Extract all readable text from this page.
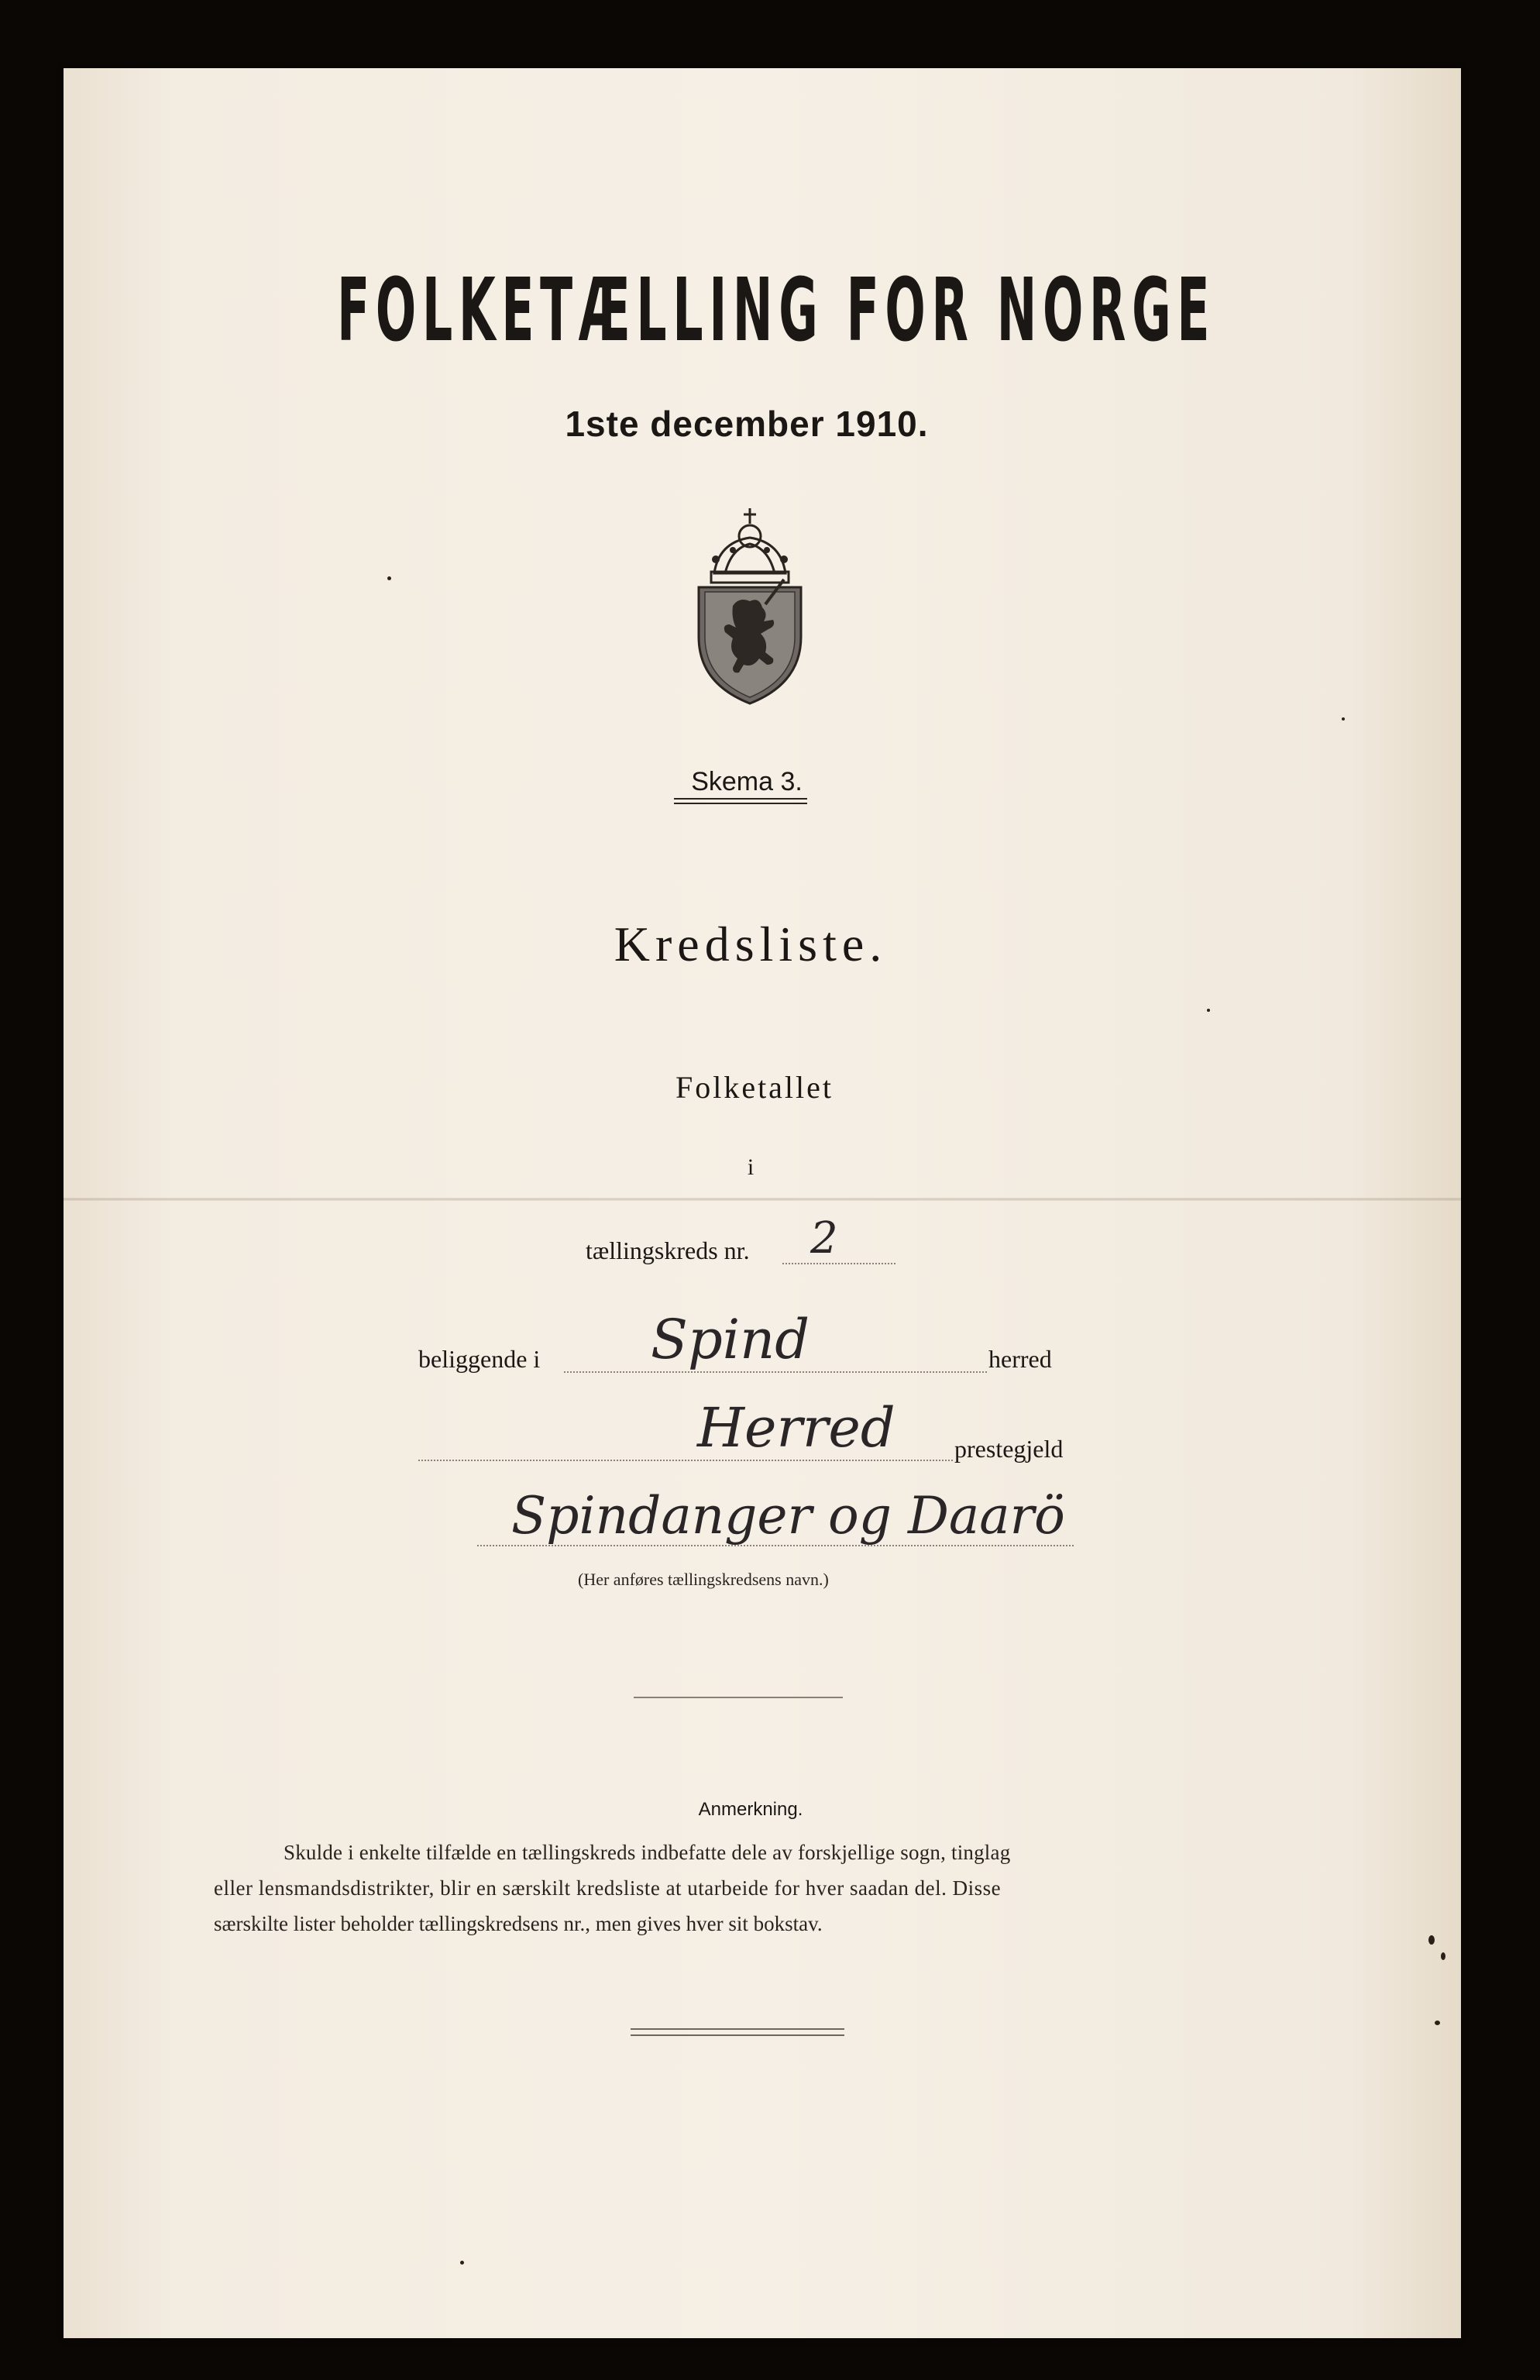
FOLKETÆLLING FOR NORGE
1ste december 1910.
Skema 3.
Kredsliste.
Folketallet
i
tællingskreds nr. 2
beliggende i Spind	herred
Herred prestegjeld
Spindanger og Daarö
(Her anføres tællingskredsens navn.)
Anmerkning.
Skulde i enkelte tilfælde en tællingskreds indbefatte dele av forskjellige sogn, tinglag
eller lensmandsdistrikter, blir en særskilt kredsliste at utarbeide for hver saadan del. Disse
særskilte lister beholder tællingskredsens nr., men gives hver sit bokstav.
